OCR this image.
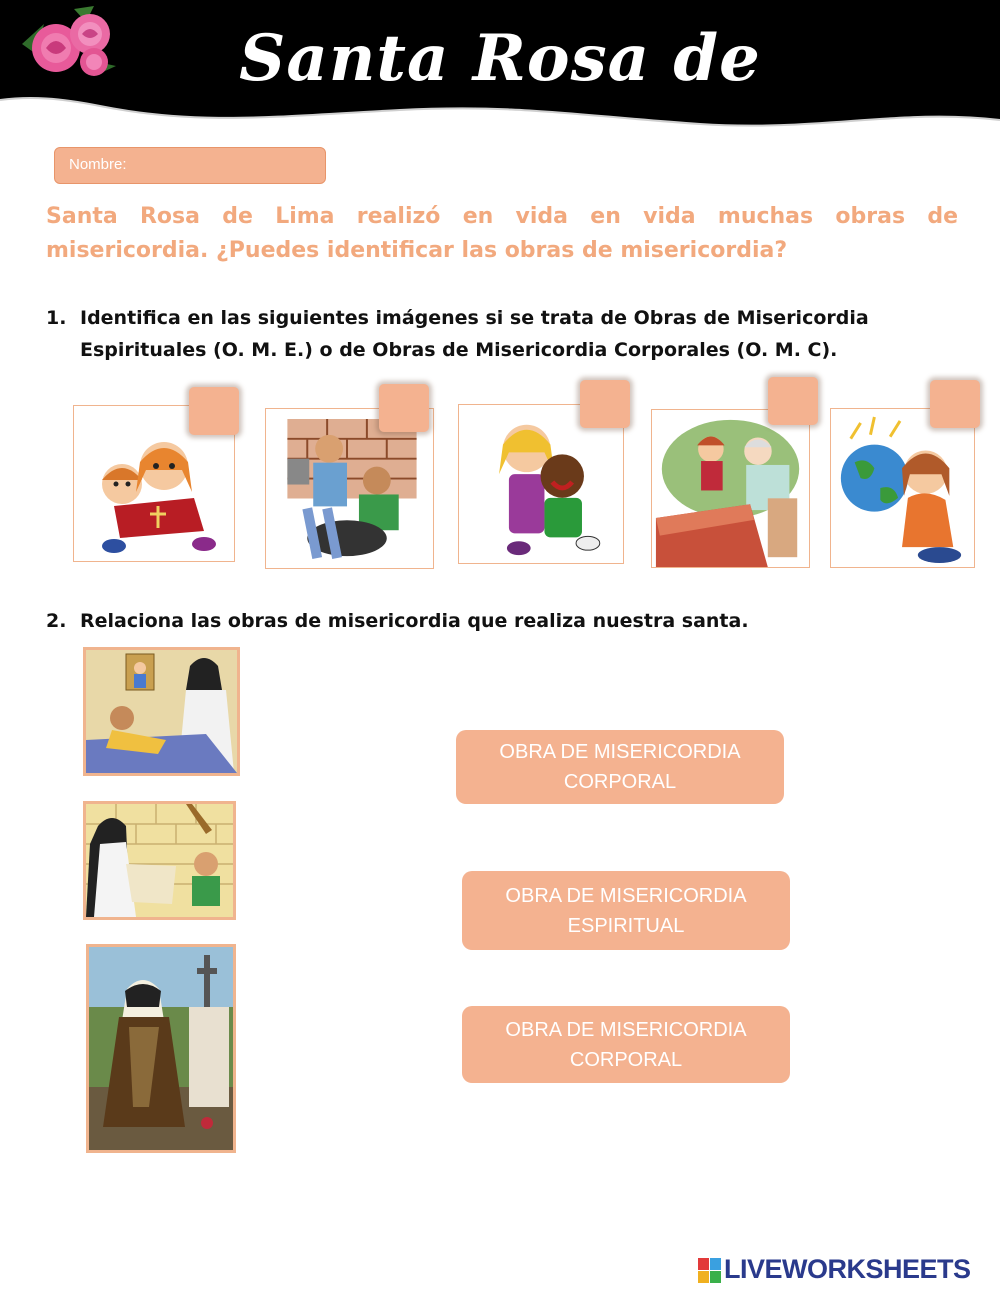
Santa Rosa de Lima
Nombre:
Santa Rosa de Lima realizó en vida en vida muchas obras de misericordia. ¿Puedes identificar las obras de misericordia?
1. Identifica en las siguientes imágenes si se trata de Obras de Misericordia Espirituales (O. M. E.) o de Obras de Misericordia Corporales (O. M. C).
2. Relaciona las obras de misericordia que realiza nuestra santa.
OBRA DE MISERICORDIA
CORPORAL
OBRA DE MISERICORDIA
ESPIRITUAL
OBRA DE MISERICORDIA
CORPORAL
LIVEWORKSHEETS
